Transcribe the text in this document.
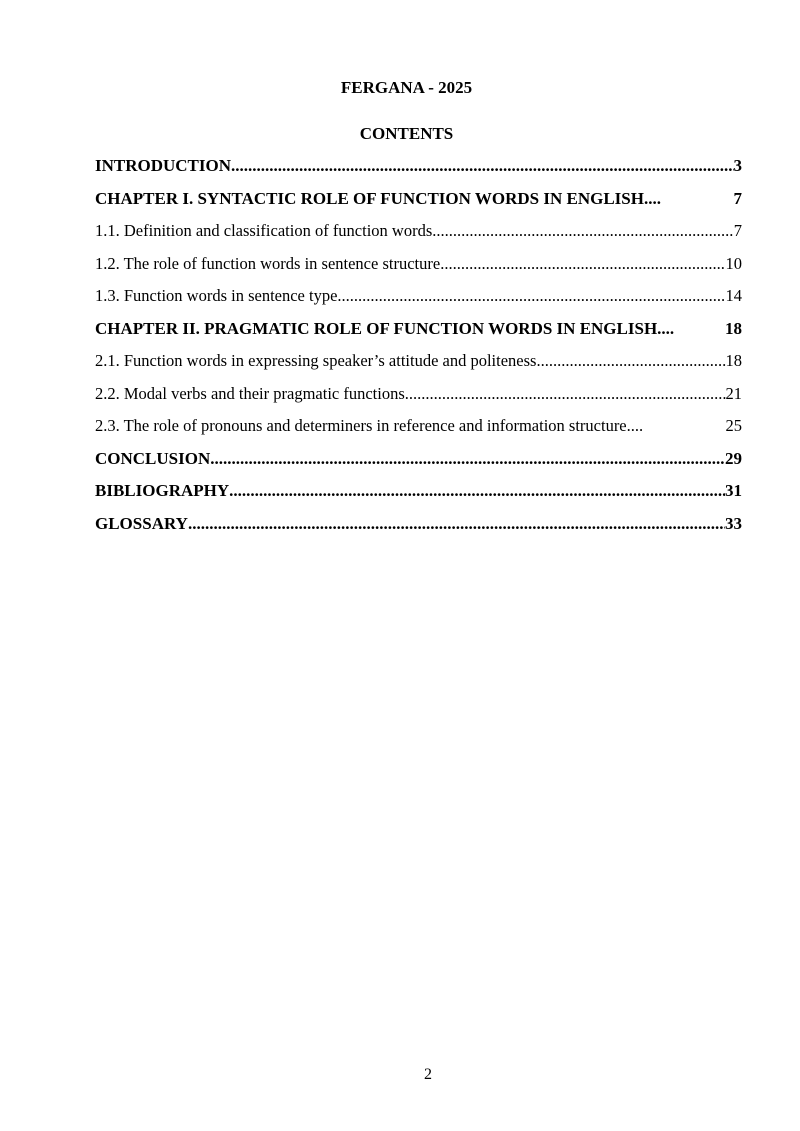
FERGANA - 2025
CONTENTS
INTRODUCTION .....	3
CHAPTER I. SYNTACTIC ROLE OF FUNCTION WORDS IN ENGLISH ....	7
1.1. Definition and classification of function words .....	7
1.2. The role of function words in sentence structure .....	10
1.3. Function words in sentence type .....	14
CHAPTER II. PRAGMATIC ROLE OF FUNCTION WORDS IN ENGLISH ....	18
2.1. Function words in expressing speaker’s attitude and politeness .....	18
2.2. Modal verbs and their pragmatic functions .....	21
2.3. The role of pronouns and determiners in reference and information structure ....	25
CONCLUSION .....	29
BIBLIOGRAPHY .....	31
GLOSSARY .....	33
2
